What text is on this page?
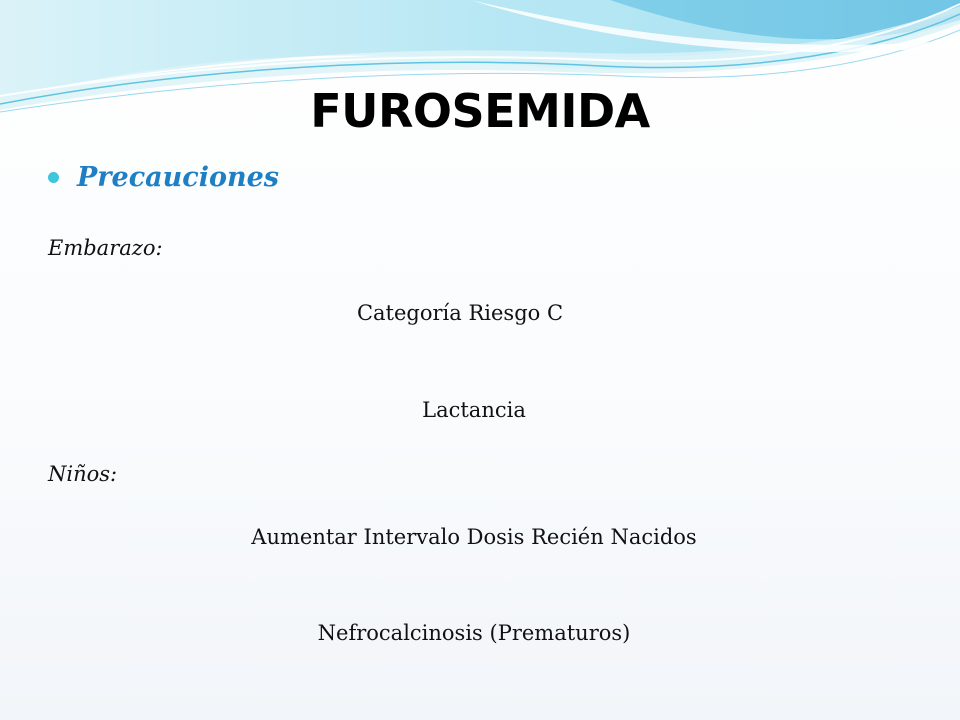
FUROSEMIDA
Precauciones
Embarazo:
Categoría Riesgo C
Lactancia
Niños:
Aumentar Intervalo Dosis Recién Nacidos
Nefrocalcinosis (Prematuros)
